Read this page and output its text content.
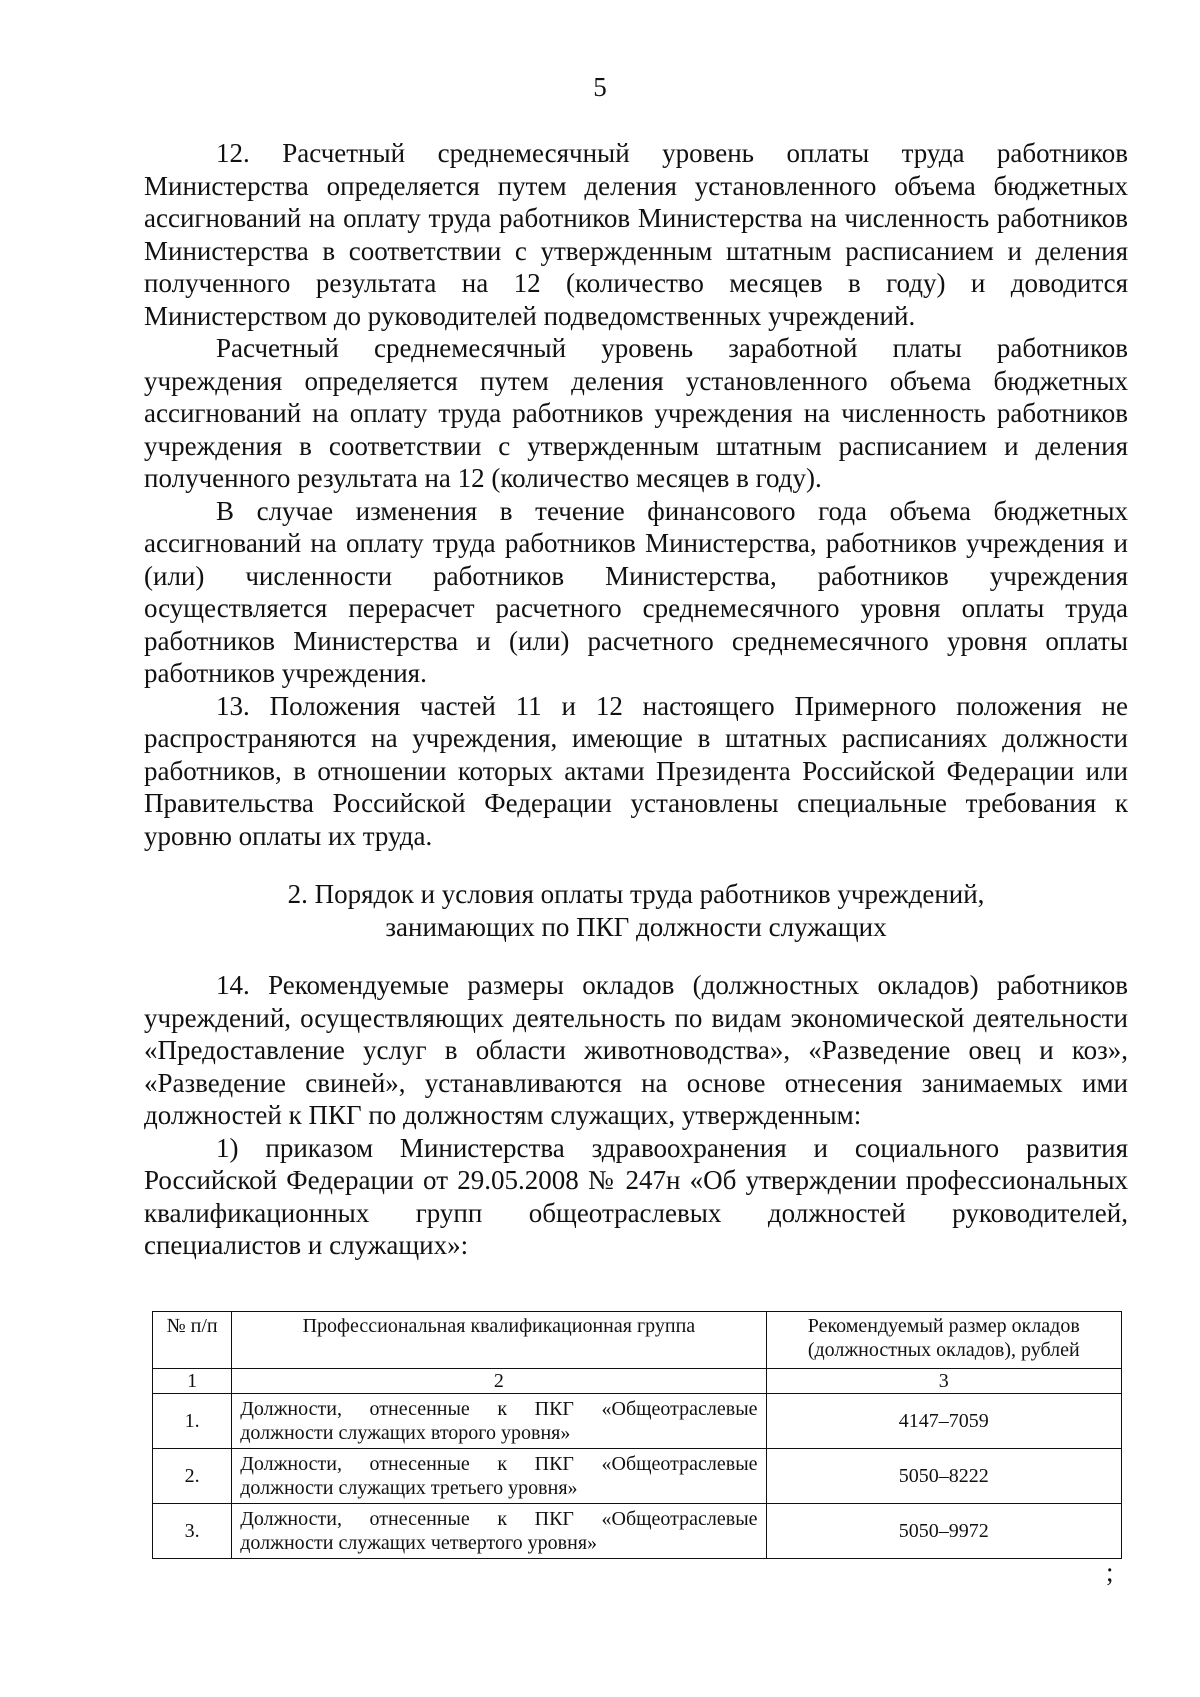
5

12. Расчетный среднемесячный уровень оплаты труда работников Министерства определяется путем деления установленного объема бюджетных ассигнований на оплату труда работников Министерства на численность работников Министерства в соответствии с утвержденным штатным расписанием и деления полученного результата на 12 (количество месяцев в году) и доводится Министерством до руководителей подведомственных учреждений.

Расчетный среднемесячный уровень заработной платы работников учреждения определяется путем деления установленного объема бюджетных ассигнований на оплату труда работников учреждения на численность работников учреждения в соответствии с утвержденным штатным расписанием и деления полученного результата на 12 (количество месяцев в году).

В случае изменения в течение финансового года объема бюджетных ассигнований на оплату труда работников Министерства, работников учреждения и (или) численности работников Министерства, работников учреждения осуществляется перерасчет расчетного среднемесячного уровня оплаты труда работников Министерства и (или) расчетного среднемесячного уровня оплаты работников учреждения.

13. Положения частей 11 и 12 настоящего Примерного положения не распространяются на учреждения, имеющие в штатных расписаниях должности работников, в отношении которых актами Президента Российской Федерации или Правительства Российской Федерации установлены специальные требования к уровню оплаты их труда.

2. Порядок и условия оплаты труда работников учреждений,
занимающих по ПКГ должности служащих

14. Рекомендуемые размеры окладов (должностных окладов) работников учреждений, осуществляющих деятельность по видам экономической деятельности «Предоставление услуг в области животноводства», «Разведение овец и коз», «Разведение свиней», устанавливаются на основе отнесения занимаемых ими должностей к ПКГ по должностям служащих, утвержденным:

1) приказом Министерства здравоохранения и социального развития Российской Федерации от 29.05.2008 № 247н «Об утверждении профессиональных квалификационных групп общеотраслевых должностей руководителей, специалистов и служащих»:

№ п/п	Профессиональная квалификационная группа	Рекомендуемый размер окладов (должностных окладов), рублей
1	2	3
1.	Должности, отнесенные к ПКГ «Общеотраслевые должности служащих второго уровня»	4147–7059
2.	Должности, отнесенные к ПКГ «Общеотраслевые должности служащих третьего уровня»	5050–8222
3.	Должности, отнесенные к ПКГ «Общеотраслевые должности служащих четвертого уровня»	5050–9972
;
